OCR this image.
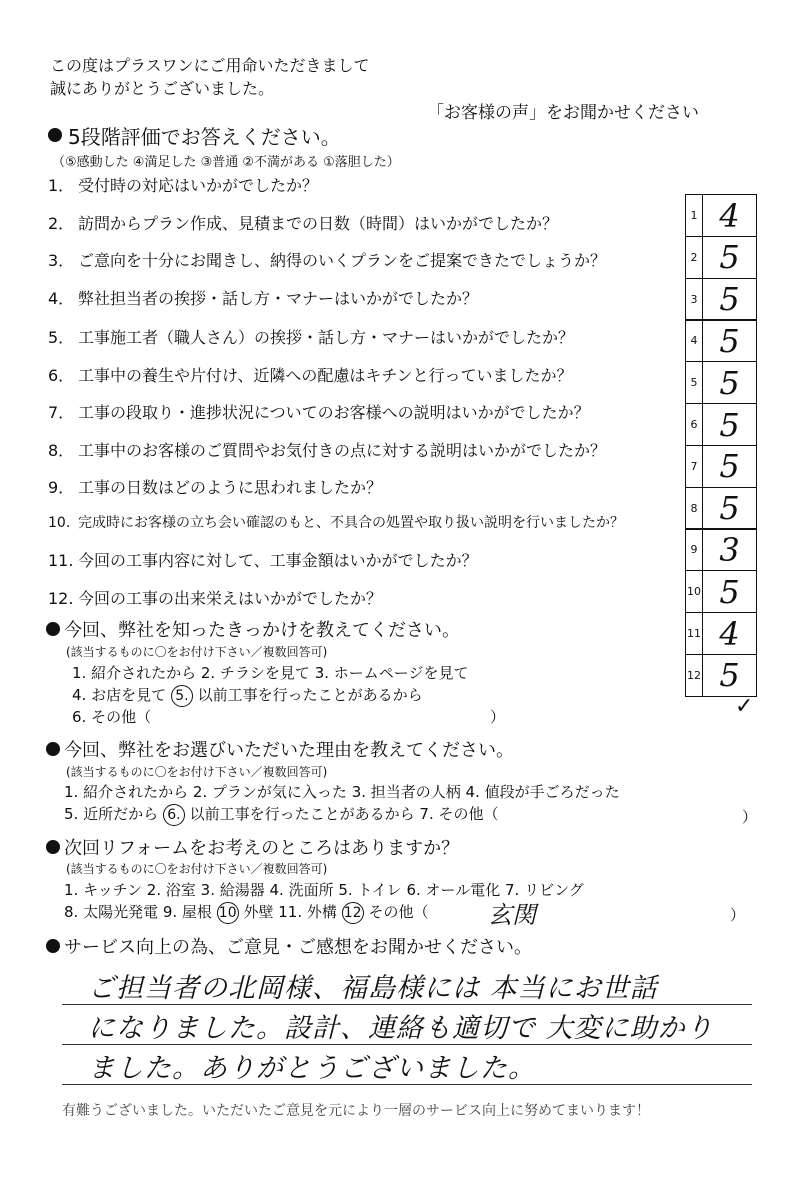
この度はプラスワンにご用命いただきまして
誠にありがとうございました。
「お客様の声」をお聞かせください
5段階評価でお答えください。
（⑤感動した ④満足した ③普通 ②不満がある ①落胆した）
1． 受付時の対応はいかがでしたか？
2． 訪問からプラン作成、見積までの日数（時間）はいかがでしたか？
3． ご意向を十分にお聞きし、納得のいくプランをご提案できたでしょうか？
4． 弊社担当者の挨拶・話し方・マナーはいかがでしたか？
5． 工事施工者（職人さん）の挨拶・話し方・マナーはいかがでしたか？
6． 工事中の養生や片付け、近隣への配慮はキチンと行っていましたか？
7． 工事の段取り・進捗状況についてのお客様への説明はいかがでしたか？
8． 工事中のお客様のご質問やお気付きの点に対する説明はいかがでしたか？
9． 工事の日数はどのように思われましたか？
10. 完成時にお客様の立ち会い確認のもと、不具合の処置や取り扱い説明を行いましたか？
11. 今回の工事内容に対して、工事金額はいかがでしたか？
12. 今回の工事の出来栄えはいかがでしたか？
1 4
2 5
3 5
4 5
5 5
6 5
7 5
8 5
9 3
10 5
11 4
12 5
今回、弊社を知ったきっかけを教えてください。
(該当するものに〇をお付け下さい／複数回答可)
1. 紹介されたから 2. チラシを見て 3. ホームページを見て
4. お店を見て 5. 以前工事を行ったことがあるから
6. その他（	）	✓
今回、弊社をお選びいただいた理由を教えてください。
(該当するものに〇をお付け下さい／複数回答可)
1. 紹介されたから 2. プランが気に入った 3. 担当者の人柄 4. 値段が手ごろだった
5. 近所だから 6. 以前工事を行ったことがあるから 7. その他（	）
次回リフォームをお考えのところはありますか？
(該当するものに〇をお付け下さい／複数回答可)
1. キッチン 2. 浴室 3. 給湯器 4. 洗面所 5. トイレ 6. オール電化 7. リビング
8. 太陽光発電 9. 屋根 10 外壁 11. 外構 12 その他（ 玄関	）
サービス向上の為、ご意見・ご感想をお聞かせください。
ご担当者の北岡様、福島様には 本当にお世話
になりました。設計、連絡も適切で 大変に助かり
ました。ありがとうございました。
有難うございました。いただいたご意見を元により一層のサービス向上に努めてまいります！
